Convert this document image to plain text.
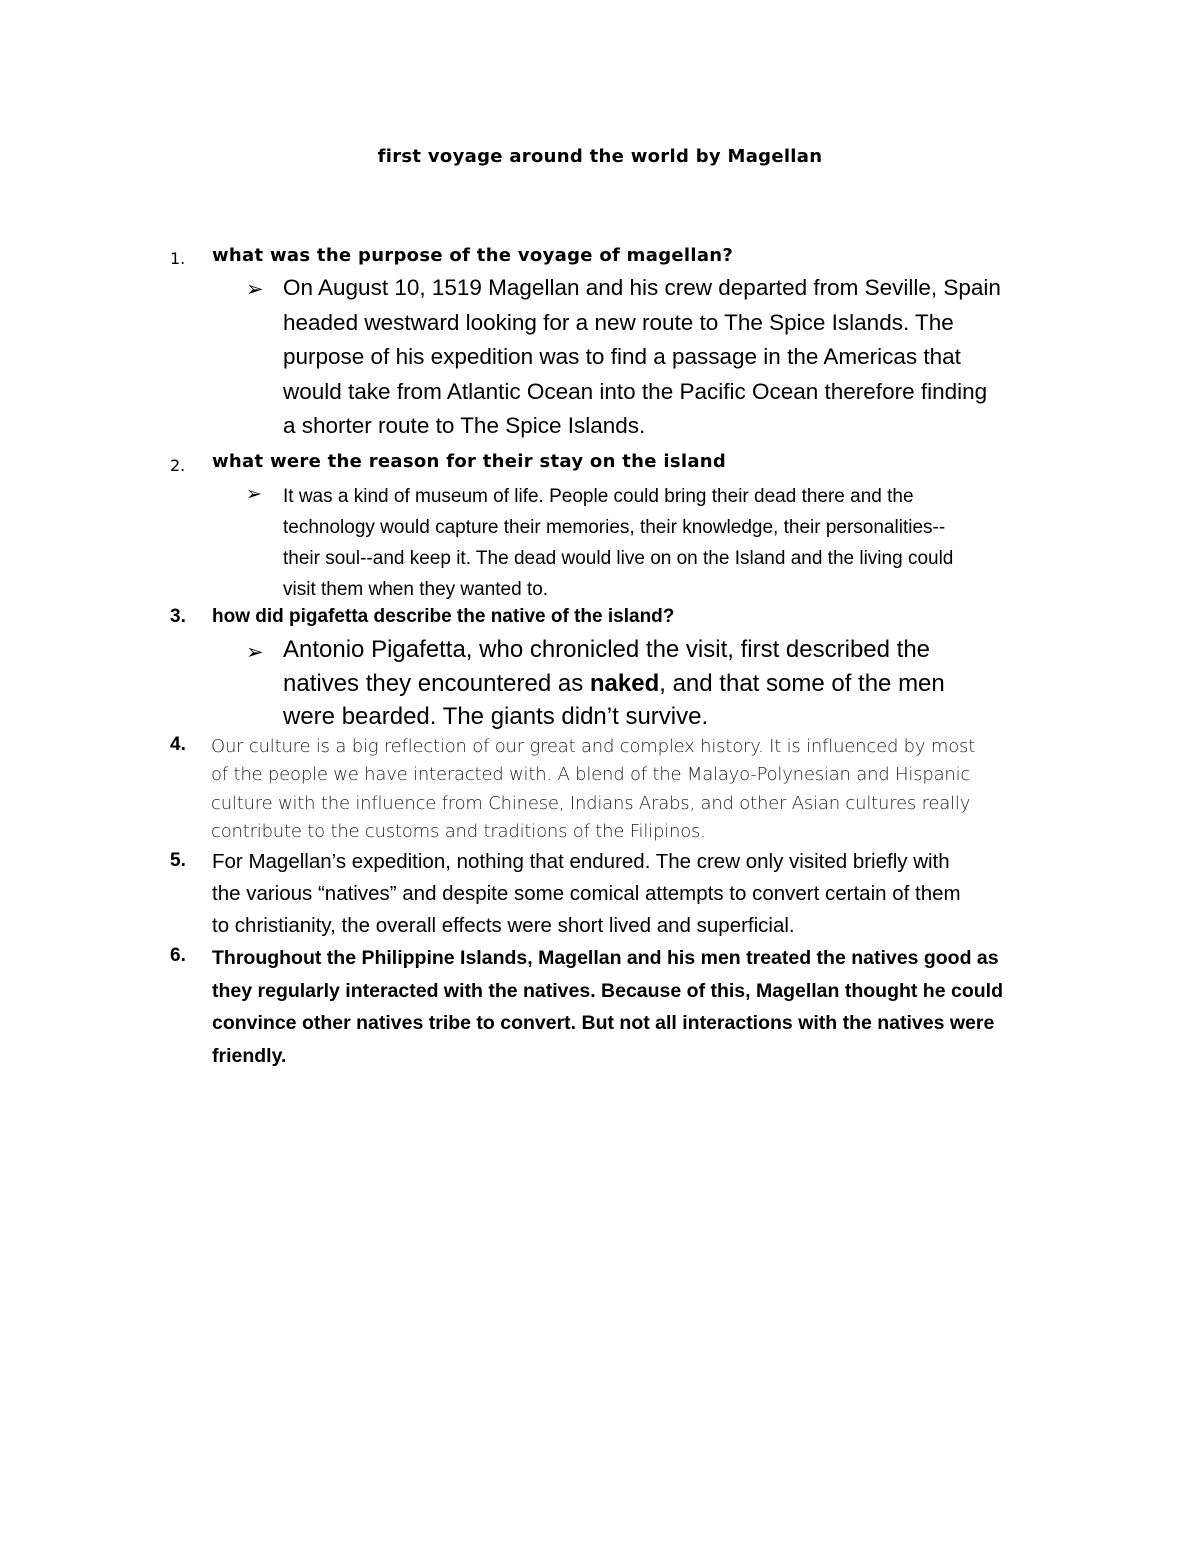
first voyage around the world by Magellan
1.	what was the purpose of the voyage of magellan?
➢ On August 10, 1519 Magellan and his crew departed from Seville, Spain
headed westward looking for a new route to The Spice Islands. The
purpose of his expedition was to find a passage in the Americas that
would take from Atlantic Ocean into the Pacific Ocean therefore finding
a shorter route to The Spice Islands.
2.	what were the reason for their stay on the island
➢	It was a kind of museum of life. People could bring their dead there and the
technology would capture their memories, their knowledge, their personalities--
their soul--and keep it. The dead would live on on the Island and the living could
visit them when they wanted to.
3.	how did pigafetta describe the native of the island?
➢ Antonio Pigafetta, who chronicled the visit, first described the
natives they encountered as naked, and that some of the men
were bearded. The giants didn’t survive.
4.	Our culture is a big reflection of our great and complex history. It is influenced by most
of the people we have interacted with. A blend of the Malayo-Polynesian and Hispanic
culture with the influence from Chinese, Indians Arabs, and other Asian cultures really
contribute to the customs and traditions of the Filipinos.
5.	For Magellan’s expedition, nothing that endured. The crew only visited briefly with
the various “natives” and despite some comical attempts to convert certain of them
to christianity, the overall effects were short lived and superficial.
6.	Throughout the Philippine Islands, Magellan and his men treated the natives good as
they regularly interacted with the natives. Because of this, Magellan thought he could
convince other natives tribe to convert. But not all interactions with the natives were
friendly.
